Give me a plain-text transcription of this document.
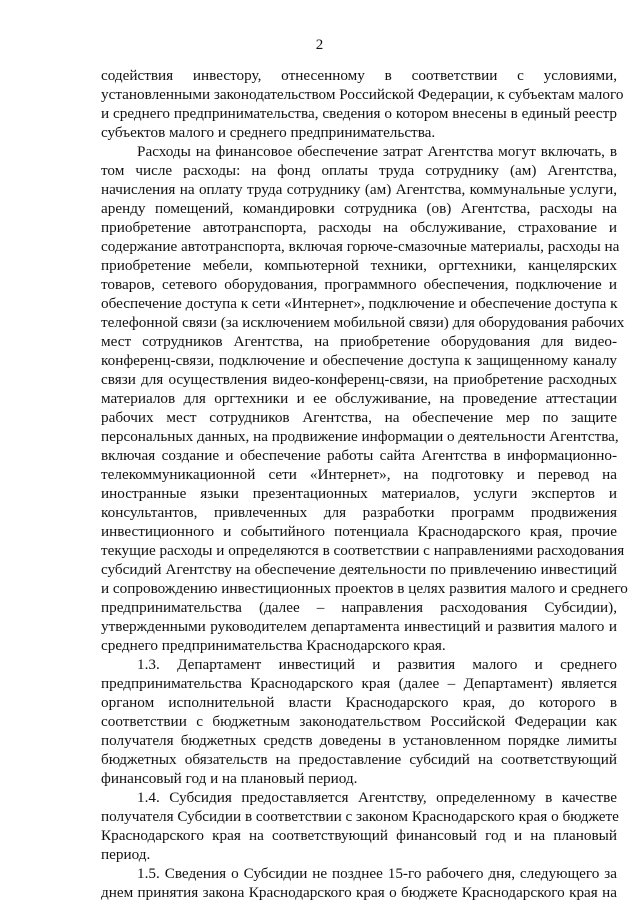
2
содействия инвестору, отнесенному в соответствии с условиями,
установленными законодательством Российской Федерации, к субъектам малого
и среднего предпринимательства, сведения о котором внесены в единый реестр
субъектов малого и среднего предпринимательства.
Расходы на финансовое обеспечение затрат Агентства могут включать, в
том числе расходы: на фонд оплаты труда сотруднику (ам) Агентства,
начисления на оплату труда сотруднику (ам) Агентства, коммунальные услуги,
аренду помещений, командировки сотрудника (ов) Агентства, расходы на
приобретение автотранспорта, расходы на обслуживание, страхование и
содержание автотранспорта, включая горюче-смазочные материалы, расходы на
приобретение мебели, компьютерной техники, оргтехники, канцелярских
товаров, сетевого оборудования, программного обеспечения, подключение и
обеспечение доступа к сети «Интернет», подключение и обеспечение доступа к
телефонной связи (за исключением мобильной связи) для оборудования рабочих
мест сотрудников Агентства, на приобретение оборудования для видео-
конференц-связи, подключение и обеспечение доступа к защищенному каналу
связи для осуществления видео-конференц-связи, на приобретение расходных
материалов для оргтехники и ее обслуживание, на проведение аттестации
рабочих мест сотрудников Агентства, на обеспечение мер по защите
персональных данных, на продвижение информации о деятельности Агентства,
включая создание и обеспечение работы сайта Агентства в информационно-
телекоммуникационной сети «Интернет», на подготовку и перевод на
иностранные языки презентационных материалов, услуги экспертов и
консультантов, привлеченных для разработки программ продвижения
инвестиционного и событийного потенциала Краснодарского края, прочие
текущие расходы и определяются в соответствии с направлениями расходования
субсидий Агентству на обеспечение деятельности по привлечению инвестиций
и сопровождению инвестиционных проектов в целях развития малого и среднего
предпринимательства (далее – направления расходования Субсидии),
утвержденными руководителем департамента инвестиций и развития малого и
среднего предпринимательства Краснодарского края.
1.3. Департамент инвестиций и развития малого и среднего
предпринимательства Краснодарского края (далее – Департамент) является
органом исполнительной власти Краснодарского края, до которого в
соответствии с бюджетным законодательством Российской Федерации как
получателя бюджетных средств доведены в установленном порядке лимиты
бюджетных обязательств на предоставление субсидий на соответствующий
финансовый год и на плановый период.
1.4. Субсидия предоставляется Агентству, определенному в качестве
получателя Субсидии в соответствии с законом Краснодарского края о бюджете
Краснодарского края на соответствующий финансовый год и на плановый
период.
1.5. Сведения о Субсидии не позднее 15-го рабочего дня, следующего за
днем принятия закона Краснодарского края о бюджете Краснодарского края на
